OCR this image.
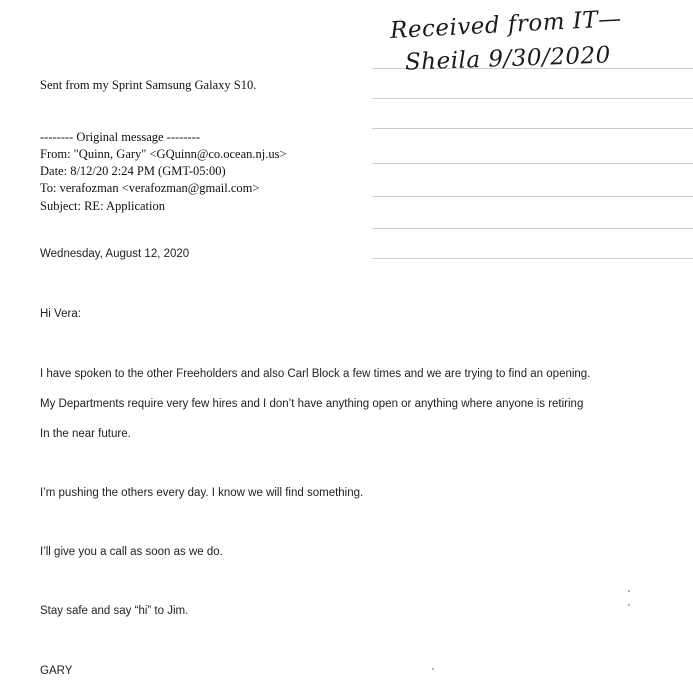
Received from IT—
Sheila 9/30/2020
Sent from my Sprint Samsung Galaxy S10.
-------- Original message --------
From: "Quinn, Gary" <GQuinn@co.ocean.nj.us>
Date: 8/12/20 2:24 PM (GMT-05:00)
To: verafozman <verafozman@gmail.com>
Subject: RE: Application
Wednesday, August 12, 2020
Hi Vera:
I have spoken to the other Freeholders and also Carl Block a few times and we are trying to find an opening.
My Departments require very few hires and I don’t have anything open or anything where anyone is retiring
In the near future.
I’m pushing the others every day. I know we will find something.
I’ll give you a call as soon as we do.
Stay safe and say “hi” to Jim.
GARY
